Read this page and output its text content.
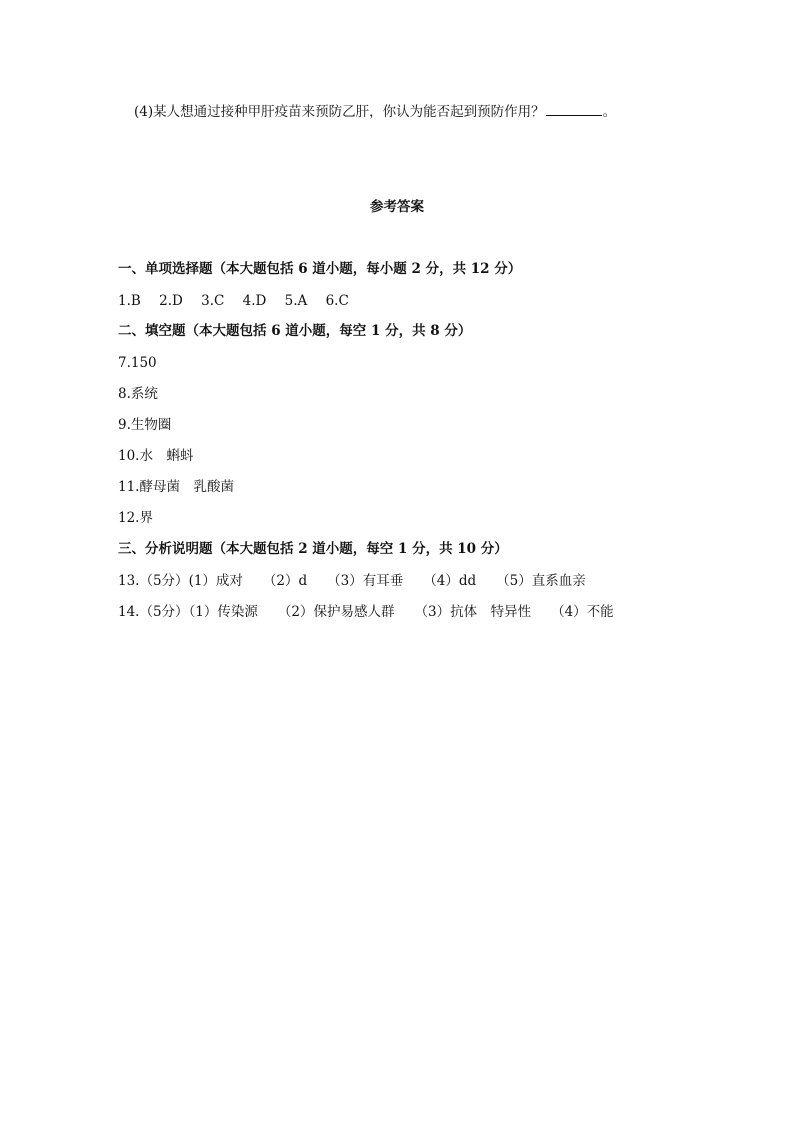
(4)某人想通过接种甲肝疫苗来预防乙肝，你认为能否起到预防作用？	。
参考答案
一、单项选择题（本大题包括 6 道小题，每小题 2 分，共 12 分）
1.B 2.D 3.C 4.D 5.A 6.C
二、填空题（本大题包括 6 道小题，每空 1 分，共 8 分）
7.150
8.系统
9.生物圈
10.水　蝌蚪
11.酵母菌　乳酸菌
12.界
三、分析说明题（本大题包括 2 道小题，每空 1 分，共 10 分）
13.（5分）(1）成对 （2）d （3）有耳垂 （4）dd （5）直系血亲
14.（5分）（1）传染源 （2）保护易感人群 （3）抗体　特异性 （4）不能
